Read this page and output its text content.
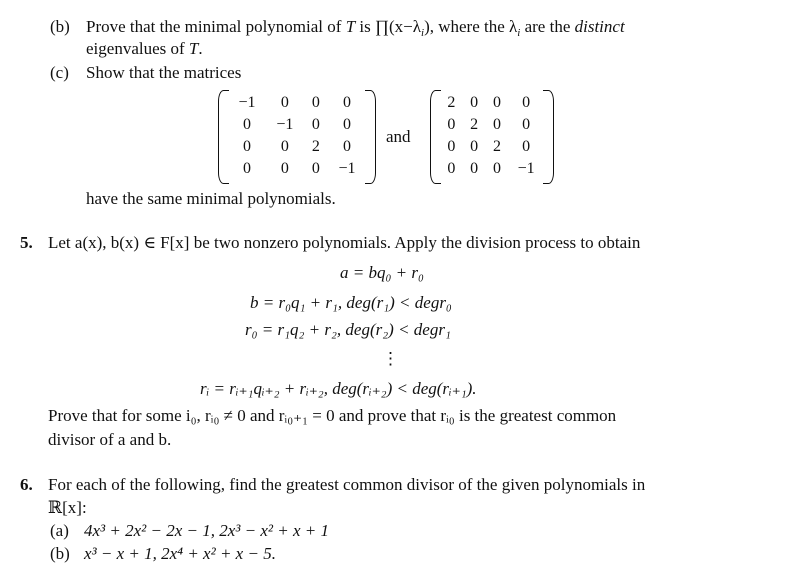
(b) Prove that the minimal polynomial of T is $\prod(x-\lambda_i)$, where the $\lambda_i$ are the distinct
eigenvalues of T.
(c) Show that the matrices
−1	0	0	0
0	−1	0	0
0	0	2	0
0	0	0	−1
and
2	0	0	0
0	2	0	0
0	0	2	0
0	0	0	−1
have the same minimal polynomials.
5. Let a(x), b(x) ∈ F[x] be two nonzero polynomials. Apply the division process to obtain
a = bq₀ + r₀
b = r₀q₁ + r₁, deg(r₁) < degr₀
r₀ = r₁q₂ + r₂, deg(r₂) < degr₁
⋮
rᵢ = rᵢ₊₁qᵢ₊₂ + rᵢ₊₂, deg(rᵢ₊₂) < deg(rᵢ₊₁).
Prove that for some i₀, rᵢ₀ ≠ 0 and rᵢ₀₊₁ = 0 and prove that rᵢ₀ is the greatest common
divisor of a and b.
6. For each of the following, find the greatest common divisor of the given polynomials in
ℝ[x]:
(a) 4x³ + 2x² − 2x − 1, 2x³ − x² + x + 1
(b) x³ − x + 1, 2x⁴ + x² + x − 5.
